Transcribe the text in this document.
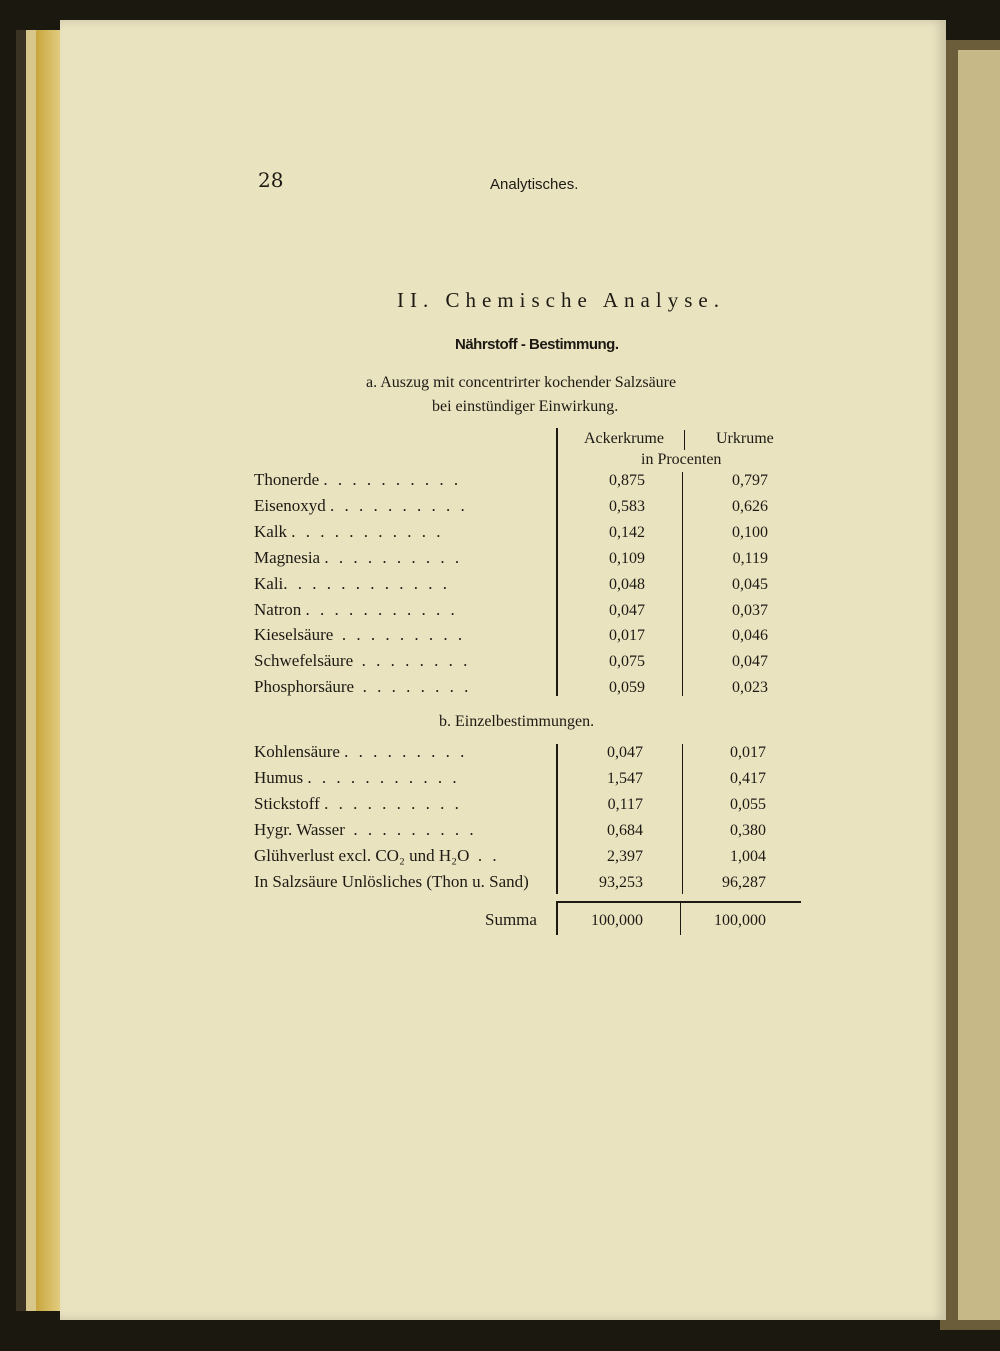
28	Analytisches.
II. Chemische Analyse.
Nährstoff - Bestimmung.
a. Auszug mit concentrirter kochender Salzsäure
bei einstündiger Einwirkung.
Ackerkrume	Urkrume
in Procenten
Thonerde . . . . . . . . . .	0,875	0,797
Eisenoxyd . . . . . . . . . .	0,583	0,626
Kalk . . . . . . . . . . .	0,142	0,100
Magnesia . . . . . . . . . .	0,109	0,119
Kali. . . . . . . . . . . .	0,048	0,045
Natron . . . . . . . . . . .	0,047	0,037
Kieselsäure . . . . . . . . .	0,017	0,046
Schwefelsäure . . . . . . . .	0,075	0,047
Phosphorsäure . . . . . . . .	0,059	0,023
b. Einzelbestimmungen.
Kohlensäure . . . . . . . . .	0,047	0,017
Humus . . . . . . . . . . .	1,547	0,417
Stickstoff . . . . . . . . . .	0,117	0,055
Hygr. Wasser . . . . . . . . .	0,684	0,380
Glühverlust excl. CO₂ und H₂O . .	2,397	1,004
In Salzsäure Unlösliches (Thon u. Sand)	93,253	96,287
Summa	100,000	100,000
